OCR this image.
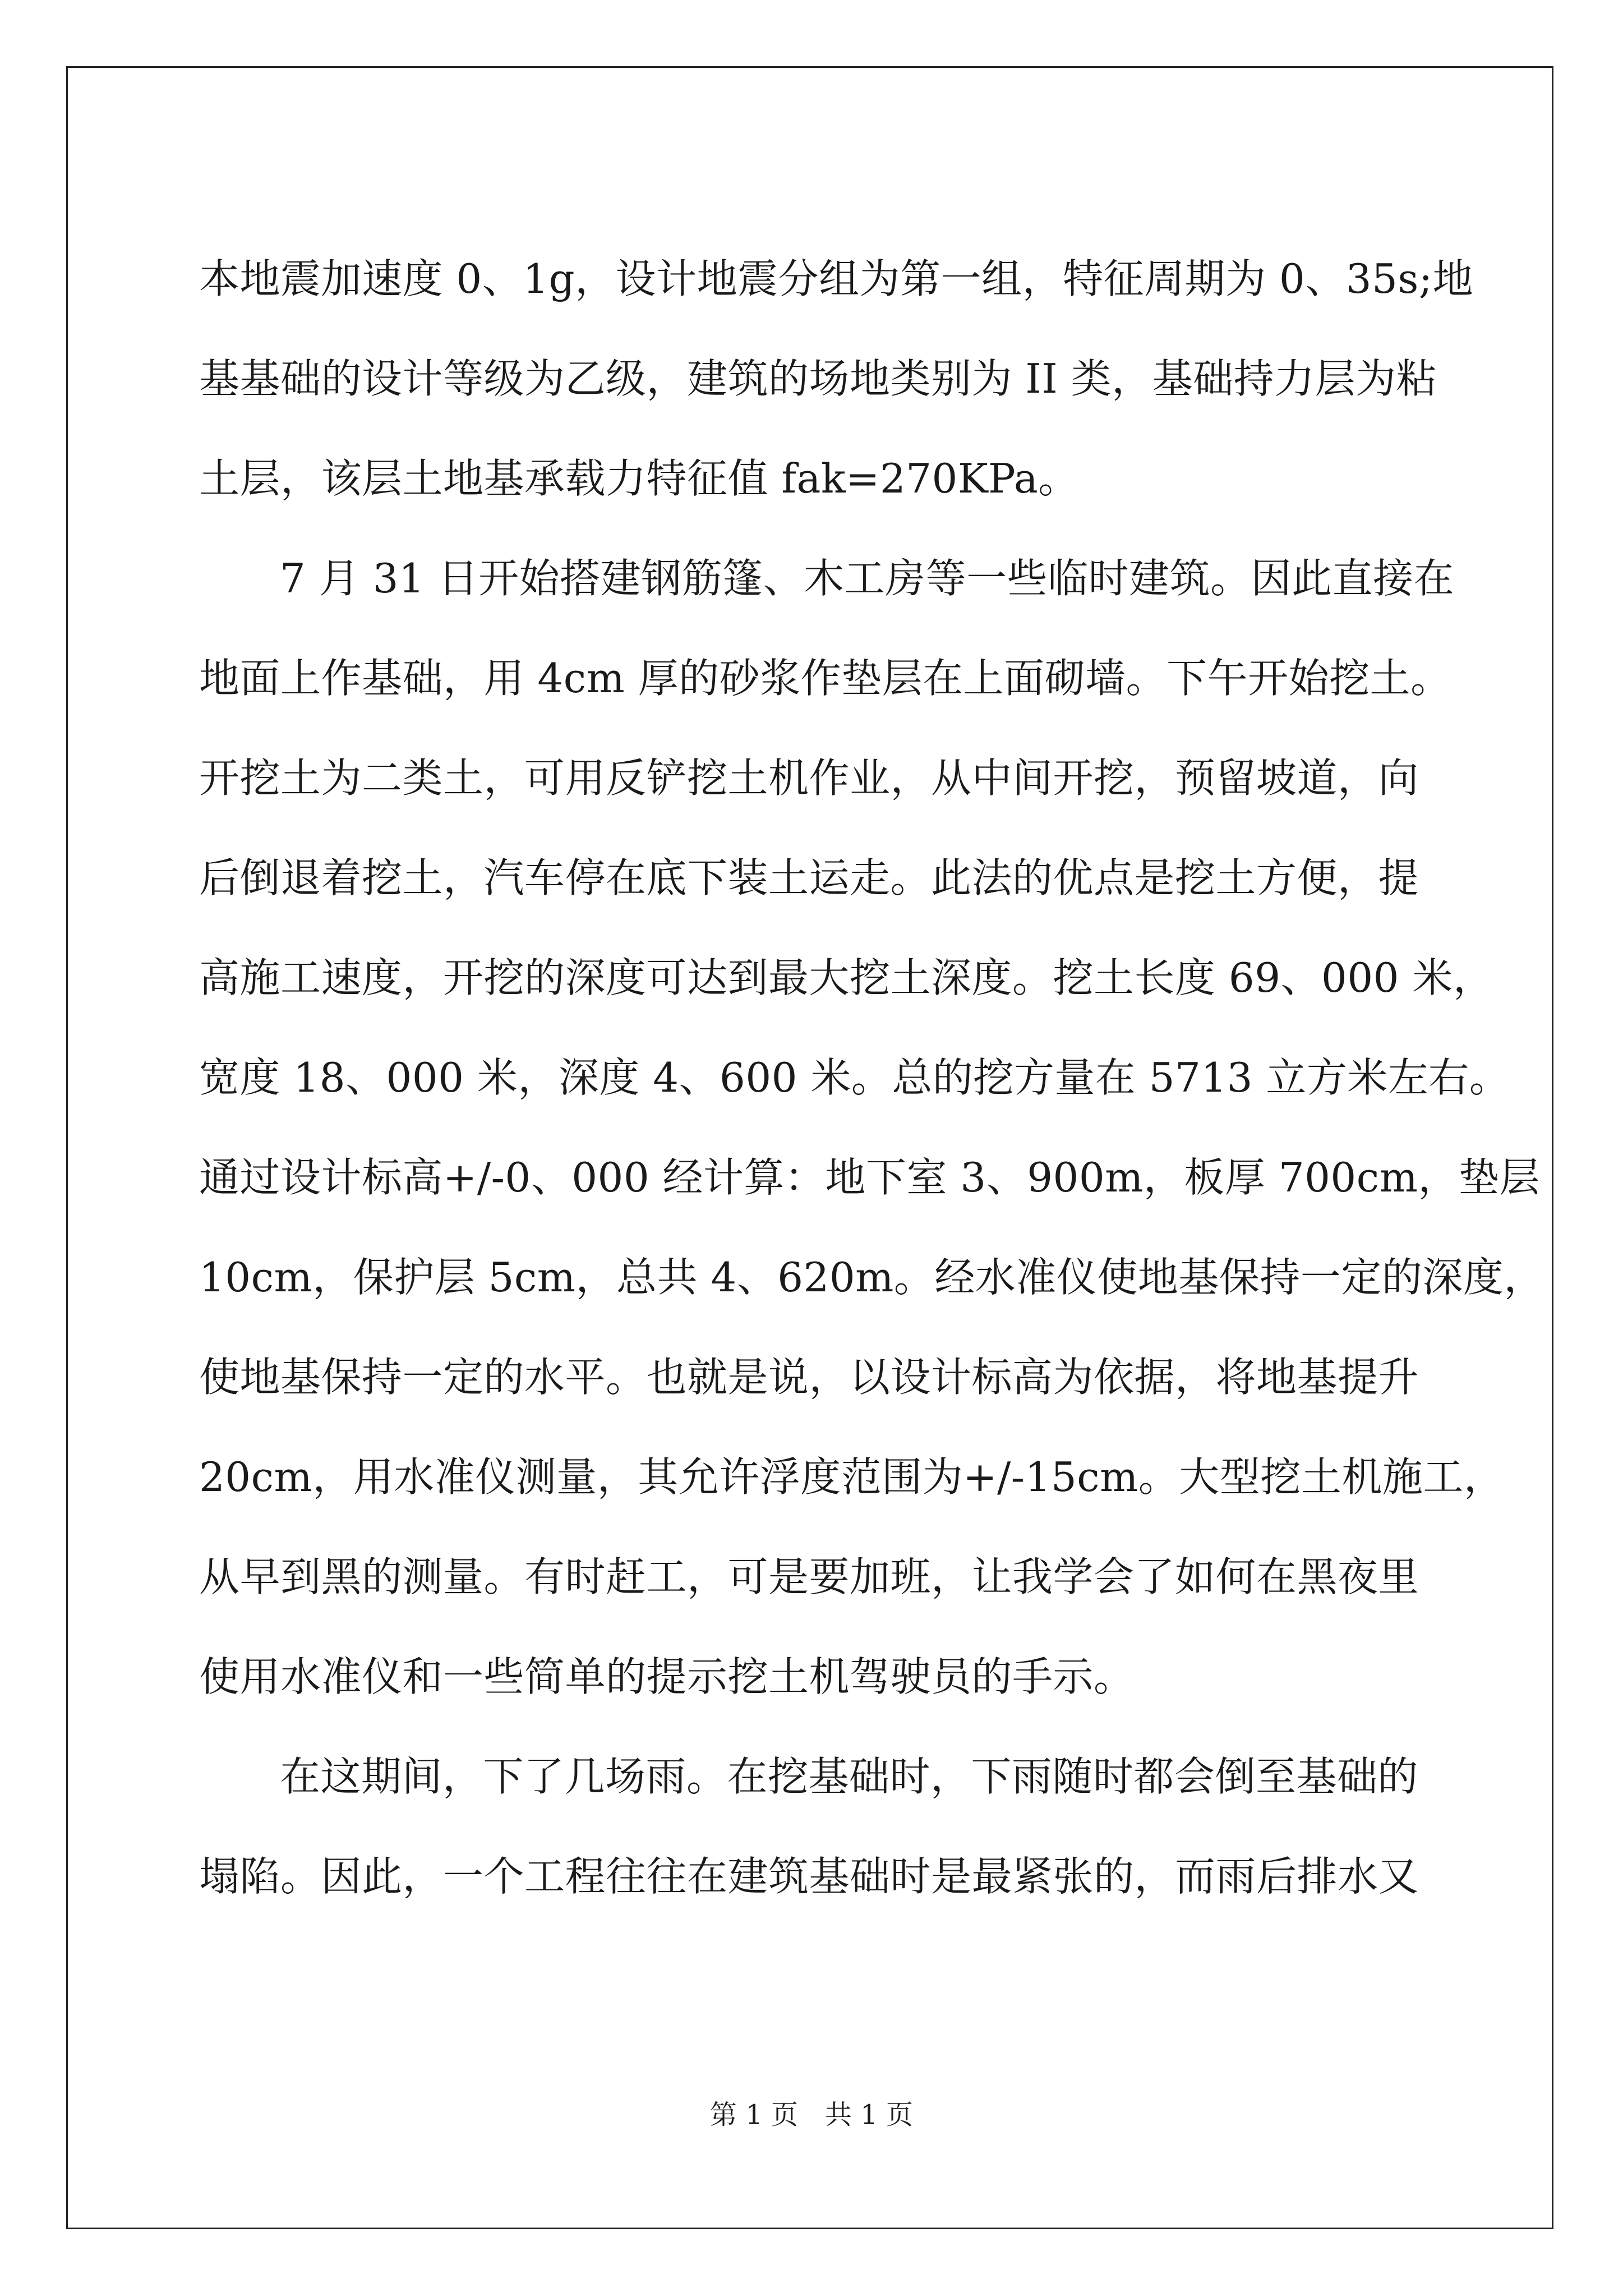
本地震加速度 0、1g，设计地震分组为第一组，特征周期为 0、35s;地
基基础的设计等级为乙级，建筑的场地类别为 II 类，基础持力层为粘
土层，该层土地基承载力特征值 fak=270KPa。
7 月 31 日开始搭建钢筋篷、木工房等一些临时建筑。因此直接在
地面上作基础，用 4cm 厚的砂浆作垫层在上面砌墙。下午开始挖土。
开挖土为二类土，可用反铲挖土机作业，从中间开挖，预留坡道，向
后倒退着挖土，汽车停在底下装土运走。此法的优点是挖土方便，提
高施工速度，开挖的深度可达到最大挖土深度。挖土长度 69、000 米，
宽度 18、000 米，深度 4、600 米。总的挖方量在 5713 立方米左右。
通过设计标高+/-0、000 经计算：地下室 3、900m，板厚 700cm，垫层
10cm，保护层 5cm，总共 4、620m。经水准仪使地基保持一定的深度，
使地基保持一定的水平。也就是说，以设计标高为依据，将地基提升
20cm，用水准仪测量，其允许浮度范围为+/-15cm。大型挖土机施工，
从早到黑的测量。有时赶工，可是要加班，让我学会了如何在黑夜里
使用水准仪和一些简单的提示挖土机驾驶员的手示。
在这期间，下了几场雨。在挖基础时，下雨随时都会倒至基础的
塌陷。因此，一个工程往往在建筑基础时是最紧张的，而雨后排水又
第 1 页　共 1 页
